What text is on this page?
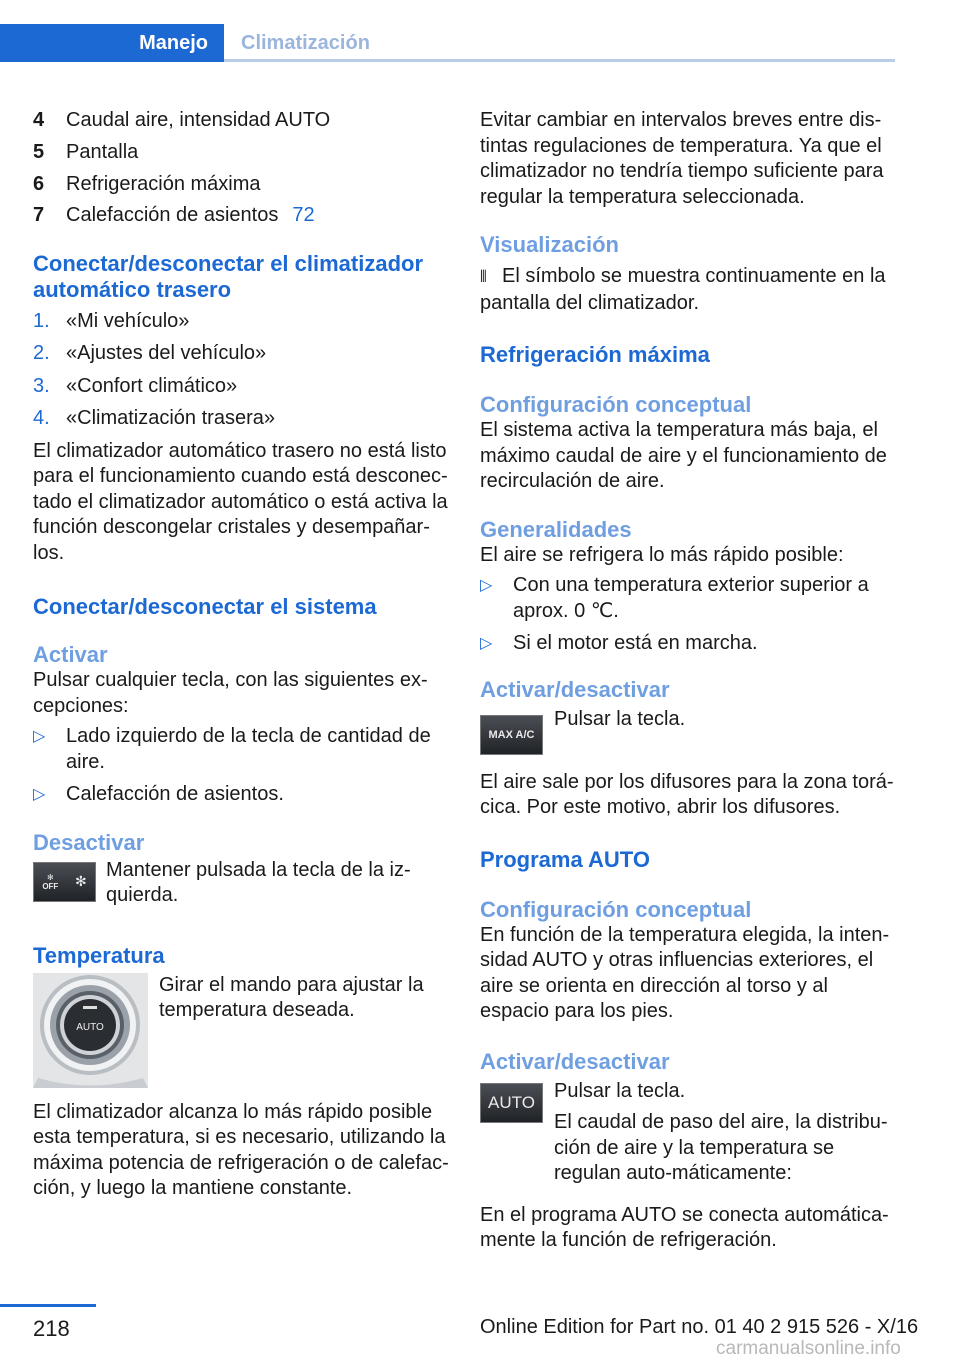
Manejo	Climatización
4	Caudal aire, intensidad AUTO
5	Pantalla
6	Refrigeración máxima
7	Calefacción de asientos 72
Conectar/desconectar el climatizador automático trasero
1. «Mi vehículo»
2. «Ajustes del vehículo»
3. «Confort climático»
4. «Climatización trasera»

El climatizador automático trasero no está listo para el funcionamiento cuando está desconec-tado el climatizador automático o está activa la función descongelar cristales y desempañar-los.

Conectar/desconectar el sistema
Activar

Pulsar cualquier tecla, con las siguientes ex-cepciones:

▷	Lado izquierdo de la tecla de cantidad de aire.
▷	Calefacción de asientos.
Desactivar
✻
OFF ✻
Mantener pulsada la tecla de la iz-quierda.
Temperatura
AUTO
Girar el mando para ajustar la temperatura deseada.

El climatizador alcanza lo más rápido posible esta temperatura, si es necesario, utilizando la máxima potencia de refrigeración o de calefac-ción, y luego la mantiene constante.

Evitar cambiar en intervalos breves entre dis-tintas regulaciones de temperatura. Ya que el climatizador no tendría tiempo suficiente para regular la temperatura seleccionada.

Visualización

⫴ El símbolo se muestra continuamente en la pantalla del climatizador.

Refrigeración máxima
Configuración conceptual

El sistema activa la temperatura más baja, el máximo caudal de aire y el funcionamiento de recirculación de aire.

Generalidades

El aire se refrigera lo más rápido posible:

▷	Con una temperatura exterior superior a aprox. 0 ℃.
▷	Si el motor está en marcha.
Activar/desactivar
MAX A/C
Pulsar la tecla.

El aire sale por los difusores para la zona torá-cica. Por este motivo, abrir los difusores.

Programa AUTO
Configuración conceptual

En función de la temperatura elegida, la inten-sidad AUTO y otras influencias exteriores, el aire se orienta en dirección al torso y al espacio para los pies.

Activar/desactivar
AUTO
Pulsar la tecla.
El caudal de paso del aire, la distribu-ción de aire y la temperatura se regulan auto-máticamente:

En el programa AUTO se conecta automática-mente la función de refrigeración.

218	Online Edition for Part no. 01 40 2 915 526 - X/16
carmanualsonline.info
